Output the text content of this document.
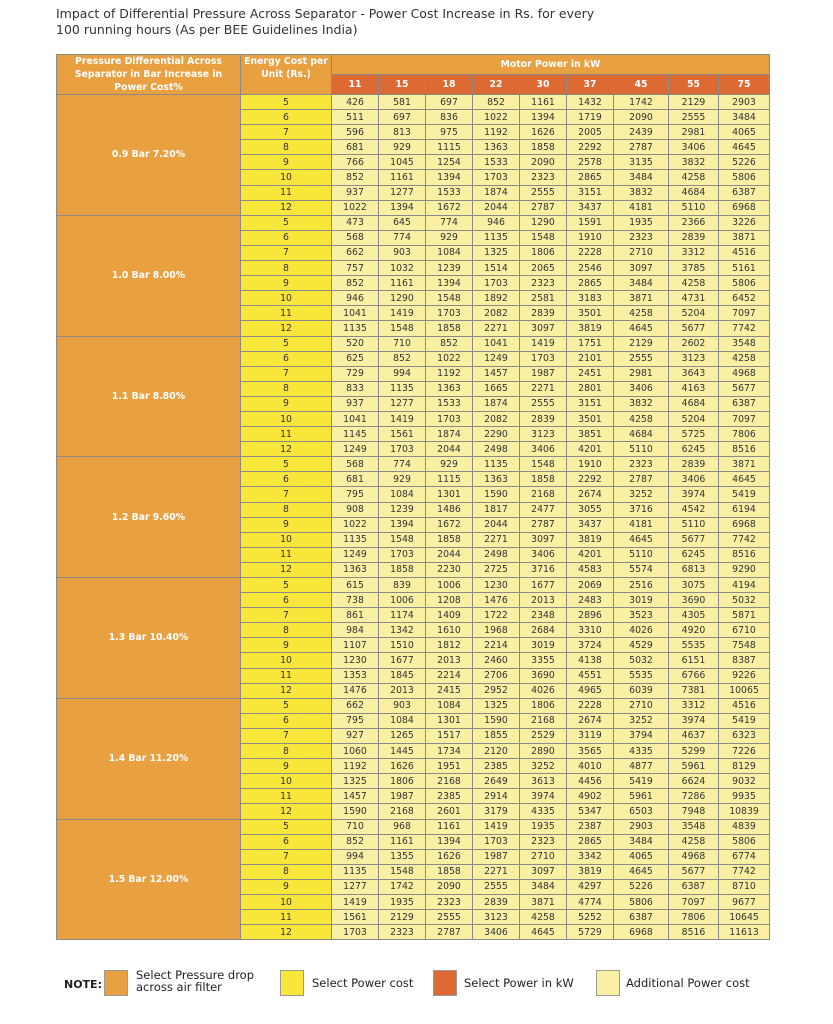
Impact of Differential Pressure Across Separator - Power Cost Increase in Rs. for every 100 running hours (As per BEE Guidelines India)
Pressure Differential Across Separator in Bar Increase in Power Cost%	Energy Cost per Unit (Rs.)	Motor Power in kW								
		11	15	18	22	30	37	45	55	75
0.9 Bar 7.20%	5	426	581	697	852	1161	1432	1742	2129	2903
	6	511	697	836	1022	1394	1719	2090	2555	3484
	7	596	813	975	1192	1626	2005	2439	2981	4065
	8	681	929	1115	1363	1858	2292	2787	3406	4645
	9	766	1045	1254	1533	2090	2578	3135	3832	5226
	10	852	1161	1394	1703	2323	2865	3484	4258	5806
	11	937	1277	1533	1874	2555	3151	3832	4684	6387
	12	1022	1394	1672	2044	2787	3437	4181	5110	6968
1.0 Bar 8.00%	5	473	645	774	946	1290	1591	1935	2366	3226
	6	568	774	929	1135	1548	1910	2323	2839	3871
	7	662	903	1084	1325	1806	2228	2710	3312	4516
	8	757	1032	1239	1514	2065	2546	3097	3785	5161
	9	852	1161	1394	1703	2323	2865	3484	4258	5806
	10	946	1290	1548	1892	2581	3183	3871	4731	6452
	11	1041	1419	1703	2082	2839	3501	4258	5204	7097
	12	1135	1548	1858	2271	3097	3819	4645	5677	7742
1.1 Bar 8.80%	5	520	710	852	1041	1419	1751	2129	2602	3548
	6	625	852	1022	1249	1703	2101	2555	3123	4258
	7	729	994	1192	1457	1987	2451	2981	3643	4968
	8	833	1135	1363	1665	2271	2801	3406	4163	5677
	9	937	1277	1533	1874	2555	3151	3832	4684	6387
	10	1041	1419	1703	2082	2839	3501	4258	5204	7097
	11	1145	1561	1874	2290	3123	3851	4684	5725	7806
	12	1249	1703	2044	2498	3406	4201	5110	6245	8516
1.2 Bar 9.60%	5	568	774	929	1135	1548	1910	2323	2839	3871
	6	681	929	1115	1363	1858	2292	2787	3406	4645
	7	795	1084	1301	1590	2168	2674	3252	3974	5419
	8	908	1239	1486	1817	2477	3055	3716	4542	6194
	9	1022	1394	1672	2044	2787	3437	4181	5110	6968
	10	1135	1548	1858	2271	3097	3819	4645	5677	7742
	11	1249	1703	2044	2498	3406	4201	5110	6245	8516
	12	1363	1858	2230	2725	3716	4583	5574	6813	9290
1.3 Bar 10.40%	5	615	839	1006	1230	1677	2069	2516	3075	4194
	6	738	1006	1208	1476	2013	2483	3019	3690	5032
	7	861	1174	1409	1722	2348	2896	3523	4305	5871
	8	984	1342	1610	1968	2684	3310	4026	4920	6710
	9	1107	1510	1812	2214	3019	3724	4529	5535	7548
	10	1230	1677	2013	2460	3355	4138	5032	6151	8387
	11	1353	1845	2214	2706	3690	4551	5535	6766	9226
	12	1476	2013	2415	2952	4026	4965	6039	7381	10065
1.4 Bar 11.20%	5	662	903	1084	1325	1806	2228	2710	3312	4516
	6	795	1084	1301	1590	2168	2674	3252	3974	5419
	7	927	1265	1517	1855	2529	3119	3794	4637	6323
	8	1060	1445	1734	2120	2890	3565	4335	5299	7226
	9	1192	1626	1951	2385	3252	4010	4877	5961	8129
	10	1325	1806	2168	2649	3613	4456	5419	6624	9032
	11	1457	1987	2385	2914	3974	4902	5961	7286	9935
	12	1590	2168	2601	3179	4335	5347	6503	7948	10839
1.5 Bar 12.00%	5	710	968	1161	1419	1935	2387	2903	3548	4839
	6	852	1161	1394	1703	2323	2865	3484	4258	5806
	7	994	1355	1626	1987	2710	3342	4065	4968	6774
	8	1135	1548	1858	2271	3097	3819	4645	5677	7742
	9	1277	1742	2090	2555	3484	4297	5226	6387	8710
	10	1419	1935	2323	2839	3871	4774	5806	7097	9677
	11	1561	2129	2555	3123	4258	5252	6387	7806	10645
	12	1703	2323	2787	3406	4645	5729	6968	8516	11613
NOTE:
Select Pressure drop across air filter	Select Power cost	Select Power in kW	Additional Power cost
